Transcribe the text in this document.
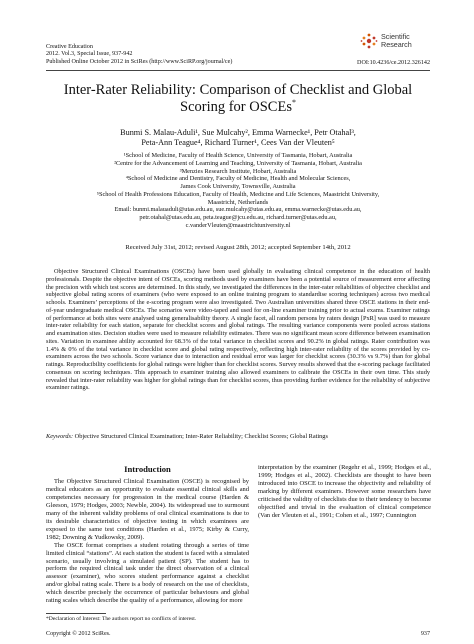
Creative Education
2012. Vol.3, Special Issue, 937-942
Published Online October 2012 in SciRes (http://www.SciRP.org/journal/ce)
Scientific
Research
DOI:10.4236/ce.2012.326142
Inter-Rater Reliability: Comparison of Checklist and Global Scoring for OSCEs*
Bunmi S. Malau-Aduli¹, Sue Mulcahy², Emma Warnecke¹, Petr Otahal³,
Peta-Ann Teague⁴, Richard Turner¹, Cees Van der Vleuten⁵
¹School of Medicine, Faculty of Health Science, University of Tasmania, Hobart, Australia
²Centre for the Advancement of Learning and Teaching, University of Tasmania, Hobart, Australia
³Menzies Research Institute, Hobart, Australia
⁴School of Medicine and Dentistry, Faculty of Medicine, Health and Molecular Sciences,
James Cook University, Townsville, Australia
⁵School of Health Professions Education, Faculty of Health, Medicine and Life Sciences, Maastricht University,
Maastricht, Netherlands
Email: bunmi.malauaduli@utas.edu.au, sue.mulcahy@utas.edu.au, emma.warnecke@utas.edu.au,
petr.otahal@utas.edu.au, peta.teague@jcu.edu.au, richard.turner@utas.edu.au,
c.vanderVleuten@maastrichtuniversity.nl
Received July 31st, 2012; revised August 28th, 2012; accepted September 14th, 2012
Objective Structured Clinical Examinations (OSCEs) have been used globally in evaluating clinical competence in the education of health professionals. Despite the objective intent of OSCEs, scoring methods used by examiners have been a potential source of measurement error affecting the precision with which test scores are determined. In this study, we investigated the differences in the inter-rater reliabilities of objective checklist and subjective global rating scores of examiners (who were exposed to an online training program to standardise scoring techniques) across two medical schools. Examiners’ perceptions of the e-scoring program were also investigated. Two Australian universities shared three OSCE stations in their end-of-year undergraduate medical OSCEs. The scenarios were video-taped and used for on-line examiner training prior to actual exams. Examiner ratings of performance at both sites were analysed using generalisability theory. A single facet, all random persons by raters design [PxR] was used to measure inter-rater reliability for each station, separate for checklist scores and global ratings. The resulting variance components were pooled across stations and examination sites. Decision studies were used to measure reliability estimates. There was no significant mean score difference between examination sites. Variation in examinee ability accounted for 68.3% of the total variance in checklist scores and 90.2% in global ratings. Rater contribution was 1.4% & 0% of the total variance in checklist score and global rating respectively, reflecting high inter-rater reliability of the scores provided by co-examiners across the two schools. Score variance due to interaction and residual error was larger for checklist scores (30.3% vs 9.7%) than for global ratings. Reproducibility coefficients for global ratings were higher than for checklist scores. Survey results showed that the e-scoring package facilitated consensus on scoring techniques. This approach to examiner training also allowed examiners to calibrate the OSCEs in their own time. This study revealed that inter-rater reliability was higher for global ratings than for checklist scores, thus providing further evidence for the reliability of subjective examiner ratings.
Keywords: Objective Structured Clinical Examination; Inter-Rater Reliability; Checklist Scores; Global Ratings
Introduction

The Objective Structured Clinical Examination (OSCE) is recognised by medical educators as an opportunity to evaluate essential clinical skills and competencies necessary for progression in the medical course (Harden & Gleeson, 1979; Hodges, 2003; Newble, 2004). Its widespread use to surmount many of the inherent validity problems of oral clinical examinations is due to its desirable characteristics of objective testing in which examinees are exposed to the same test conditions (Harden et al., 1975; Kirby & Curry, 1982; Downing & Yudkowsky, 2009).

The OSCE format comprises a student rotating through a series of time limited clinical “stations”. At each station the student is faced with a simulated scenario, usually involving a simulated patient (SP). The student has to perform the required clinical task under the direct observation of a clinical assessor (examiner), who scores student performance against a checklist and/or global rating scale. There is a body of research on the use of checklists, which describe precisely the occurrence of particular behaviours and global rating scales which describe the quality of a performance, allowing for more

interpretation by the examiner (Regehr et al., 1999; Hodges et al., 1999; Hodges et al., 2002). Checklists are thought to have been introduced into OSCE to increase the objectivity and reliability of marking by different examiners. However some researchers have criticised the validity of checklists due to their tendency to become objectified and trivial in the evaluation of clinical competence (Van der Vleuten et al., 1991; Cohen et al., 1997; Cunnington

*Declaration of Interest: The authors report no conflicts of interest.
Copyright © 2012 SciRes.	937
